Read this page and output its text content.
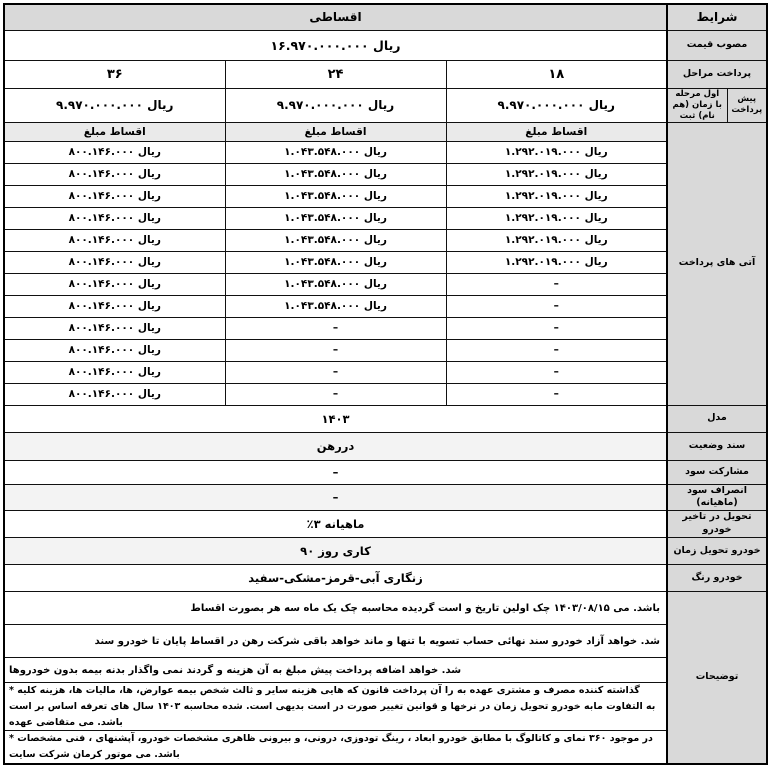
اقساطی			شرایط	
۱۶.۹۷۰.۰۰۰.۰۰۰ ریال			قیمت مصوب	
۳۶	۲۴	۱۸	مراحل پرداخت	
۹.۹۷۰.۰۰۰.۰۰۰ ریال	۹.۹۷۰.۰۰۰.۰۰۰ ریال	۹.۹۷۰.۰۰۰.۰۰۰ ریال	مرحله اول (هم زمان با ثبت نام)	پیش پرداخت
مبلغ اقساط	مبلغ اقساط	مبلغ اقساط	پرداخت های آتی	
۸۰۰.۱۴۶.۰۰۰ ریال	۱.۰۴۳.۵۴۸.۰۰۰ ریال	۱.۲۹۲.۰۱۹.۰۰۰ ریال		
۸۰۰.۱۴۶.۰۰۰ ریال	۱.۰۴۳.۵۴۸.۰۰۰ ریال	۱.۲۹۲.۰۱۹.۰۰۰ ریال		
۸۰۰.۱۴۶.۰۰۰ ریال	۱.۰۴۳.۵۴۸.۰۰۰ ریال	۱.۲۹۲.۰۱۹.۰۰۰ ریال		
۸۰۰.۱۴۶.۰۰۰ ریال	۱.۰۴۳.۵۴۸.۰۰۰ ریال	۱.۲۹۲.۰۱۹.۰۰۰ ریال		
۸۰۰.۱۴۶.۰۰۰ ریال	۱.۰۴۳.۵۴۸.۰۰۰ ریال	۱.۲۹۲.۰۱۹.۰۰۰ ریال		
۸۰۰.۱۴۶.۰۰۰ ریال	۱.۰۴۳.۵۴۸.۰۰۰ ریال	۱.۲۹۲.۰۱۹.۰۰۰ ریال		
۸۰۰.۱۴۶.۰۰۰ ریال	۱.۰۴۳.۵۴۸.۰۰۰ ریال	–		
۸۰۰.۱۴۶.۰۰۰ ریال	۱.۰۴۳.۵۴۸.۰۰۰ ریال	–		
۸۰۰.۱۴۶.۰۰۰ ریال	–	–		
۸۰۰.۱۴۶.۰۰۰ ریال	–	–		
۸۰۰.۱۴۶.۰۰۰ ریال	–	–		
۸۰۰.۱۴۶.۰۰۰ ریال	–	–		
۱۴۰۳			مدل	
دررهن			وضعیت سند	
–			سود مشارکت	
–			سود انصراف (ماهیانه)	
٪۳ ماهیانه			تاخیر در تحویل خودرو	
۹۰ روز کاری			زمان تحویل خودرو	
سفید-مشکی-قرمز-آبی زنگاری			رنگ خودرو	
اقساط بصورت هر سه ماه یک چک محاسبه گردیده است و تاریخ اولین چک ۱۴۰۳/۰۸/۱۵ می باشد.			توضیحات	
سند خودرو تا پایان اقساط در رهن شرکت باقی خواهد ماند و تنها با تسویه حساب نهائی سند خودرو آزاد خواهد شد.				
خودروها بدون بیمه بدنه واگذار نمی گردند و هزینه آن به مبلغ پیش پرداخت اضافه خواهد شد.				
* کلیه هزینه ها، مالیات ها، عوارض، بیمه شخص ثالث و سایر هزینه هایی که قانون پرداخت آن را به عهده مشتری و مصرف کننده گذاشته است بر اساس تعرفه های سال ۱۴۰۳ محاسبه شده است. بدیهی است در صورت تغییر قوانین و نرخها در زمان تحویل خودرو مابه التفاوت به عهده متقاضی می باشد.				
* مشخصات فنی ، آپشنهای خودرو، مشخصات ظاهری بیرونی و درونی، تودوزی، رینگ ، ابعاد خودرو مطابق با کاتالوگ و نمای ۳۶۰ موجود در سایت شرکت کرمان موتور می باشد.				
